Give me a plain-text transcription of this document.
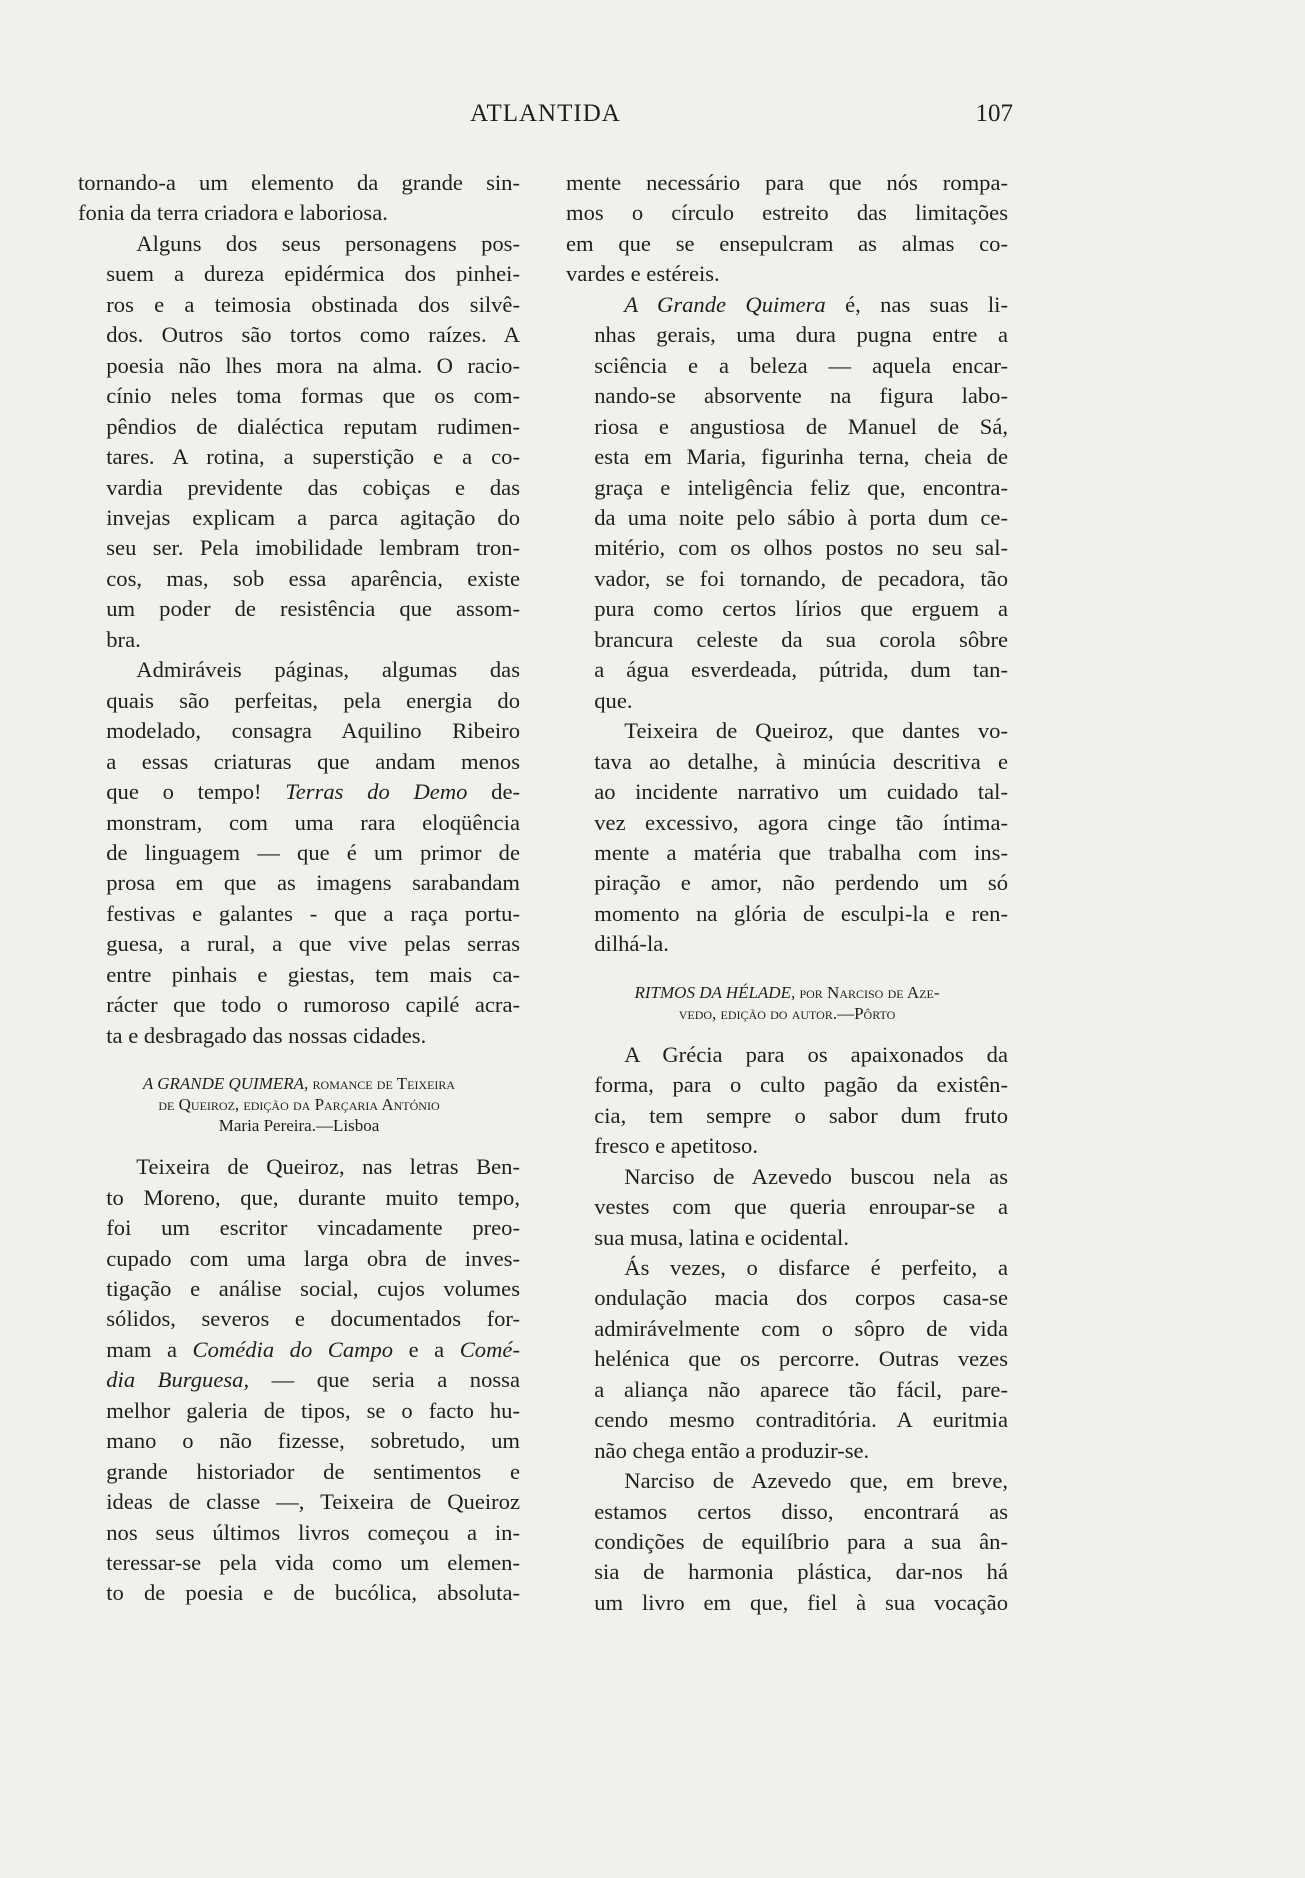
ATLANTIDA	107
tornando-a um elemento da grande sin-
fonia da terra criadora e laboriosa.
Alguns dos seus personagens pos-
suem a dureza epidérmica dos pinhei-
ros e a teimosia obstinada dos silvê-
dos. Outros são tortos como raízes. A
poesia não lhes mora na alma. O racio-
cínio neles toma formas que os com-
pêndios de dialéctica reputam rudimen-
tares. A rotina, a superstição e a co-
vardia previdente das cobiças e das
invejas explicam a parca agitação do
seu ser. Pela imobilidade lembram tron-
cos, mas, sob essa aparência, existe
um poder de resistência que assom-
bra.
Admiráveis páginas, algumas das
quais são perfeitas, pela energia do
modelado, consagra Aquilino Ribeiro
a essas criaturas que andam menos
que o tempo! Terras do Demo de-
monstram, com uma rara eloqüência
de linguagem — que é um primor de
prosa em que as imagens sarabandam
festivas e galantes - que a raça portu-
guesa, a rural, a que vive pelas serras
entre pinhais e giestas, tem mais ca-
rácter que todo o rumoroso capilé acra-
ta e desbragado das nossas cidades.
A GRANDE QUIMERA, romance de Teixeira
de Queiroz, edição da Parçaria António
Maria Pereira.—Lisboa
Teixeira de Queiroz, nas letras Ben-
to Moreno, que, durante muito tempo,
foi um escritor vincadamente preo-
cupado com uma larga obra de inves-
tigação e análise social, cujos volumes
sólidos, severos e documentados for-
mam a Comédia do Campo e a Comé-
dia Burguesa, — que seria a nossa
melhor galeria de tipos, se o facto hu-
mano o não fizesse, sobretudo, um
grande historiador de sentimentos e
ideas de classe —, Teixeira de Queiroz
nos seus últimos livros começou a in-
teressar-se pela vida como um elemen-
to de poesia e de bucólica, absoluta-
mente necessário para que nós rompa-
mos o círculo estreito das limitações
em que se ensepulcram as almas co-
vardes e estéreis.
A Grande Quimera é, nas suas li-
nhas gerais, uma dura pugna entre a
sciência e a beleza — aquela encar-
nando-se absorvente na figura labo-
riosa e angustiosa de Manuel de Sá,
esta em Maria, figurinha terna, cheia de
graça e inteligência feliz que, encontra-
da uma noite pelo sábio à porta dum ce-
mitério, com os olhos postos no seu sal-
vador, se foi tornando, de pecadora, tão
pura como certos lírios que erguem a
brancura celeste da sua corola sôbre
a água esverdeada, pútrida, dum tan-
que.
Teixeira de Queiroz, que dantes vo-
tava ao detalhe, à minúcia descritiva e
ao incidente narrativo um cuidado tal-
vez excessivo, agora cinge tão íntima-
mente a matéria que trabalha com ins-
piração e amor, não perdendo um só
momento na glória de esculpi-la e ren-
dilhá-la.
RITMOS DA HÉLADE, por Narciso de Aze-
vedo, edição do autor.—Pôrto
A Grécia para os apaixonados da
forma, para o culto pagão da existên-
cia, tem sempre o sabor dum fruto
fresco e apetitoso.
Narciso de Azevedo buscou nela as
vestes com que queria enroupar-se a
sua musa, latina e ocidental.
Ás vezes, o disfarce é perfeito, a
ondulação macia dos corpos casa-se
admirávelmente com o sôpro de vida
helénica que os percorre. Outras vezes
a aliança não aparece tão fácil, pare-
cendo mesmo contraditória. A euritmia
não chega então a produzir-se.
Narciso de Azevedo que, em breve,
estamos certos disso, encontrará as
condições de equilíbrio para a sua ân-
sia de harmonia plástica, dar-nos há
um livro em que, fiel à sua vocação
